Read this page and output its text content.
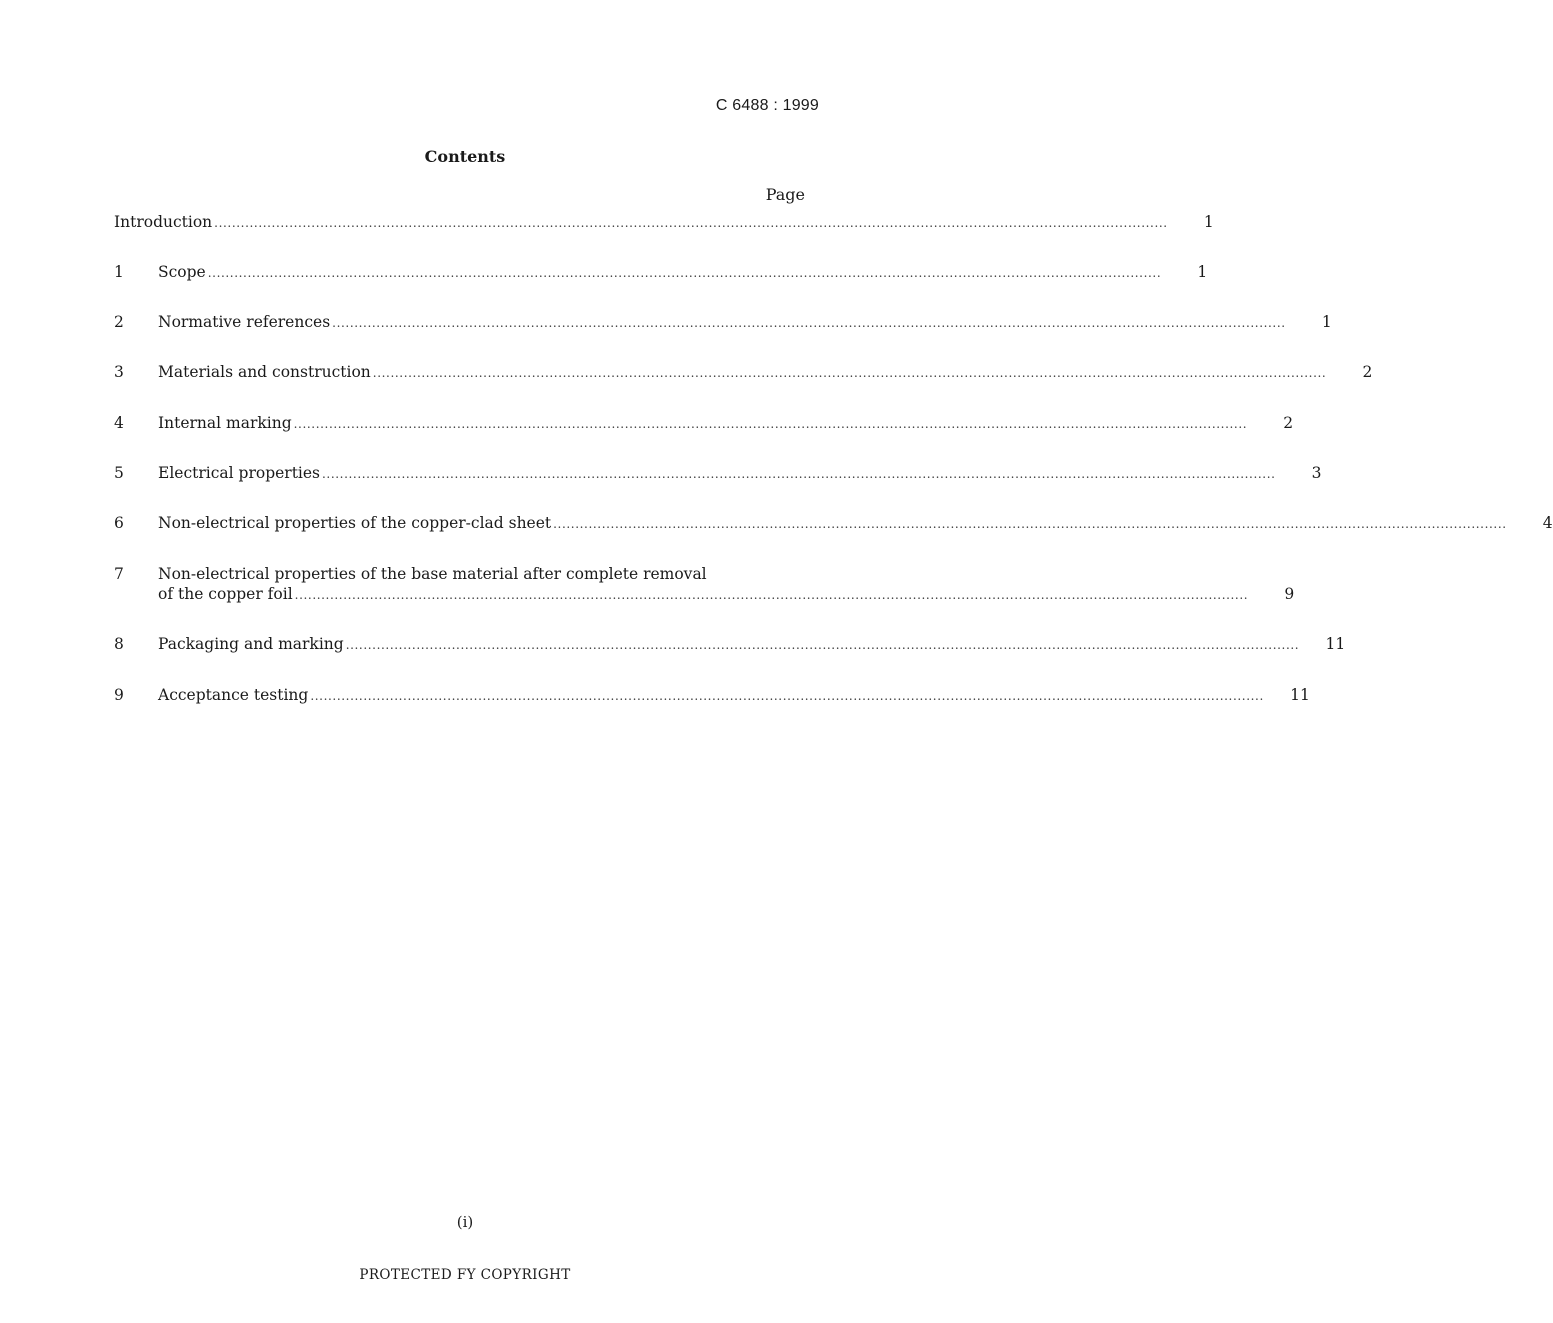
C 6488 : 1999
Contents
Page
Introduction ........................................................................................................................................................................................................................	1
1	Scope ........................................................................................................................................................................................................................	1
2	Normative references ........................................................................................................................................................................................................................	1
3	Materials and construction ........................................................................................................................................................................................................................	2
4	Internal marking ........................................................................................................................................................................................................................	2
5	Electrical properties ........................................................................................................................................................................................................................	3
6	Non-electrical properties of the copper-clad sheet ........................................................................................................................................................................................................................	4
7	Non-electrical properties of the base material after complete removal
of the copper foil ........................................................................................................................................................................................................................	9
8	Packaging and marking ........................................................................................................................................................................................................................	11
9	Acceptance testing ........................................................................................................................................................................................................................	11
(i)
PROTECTED FY COPYRIGHT
